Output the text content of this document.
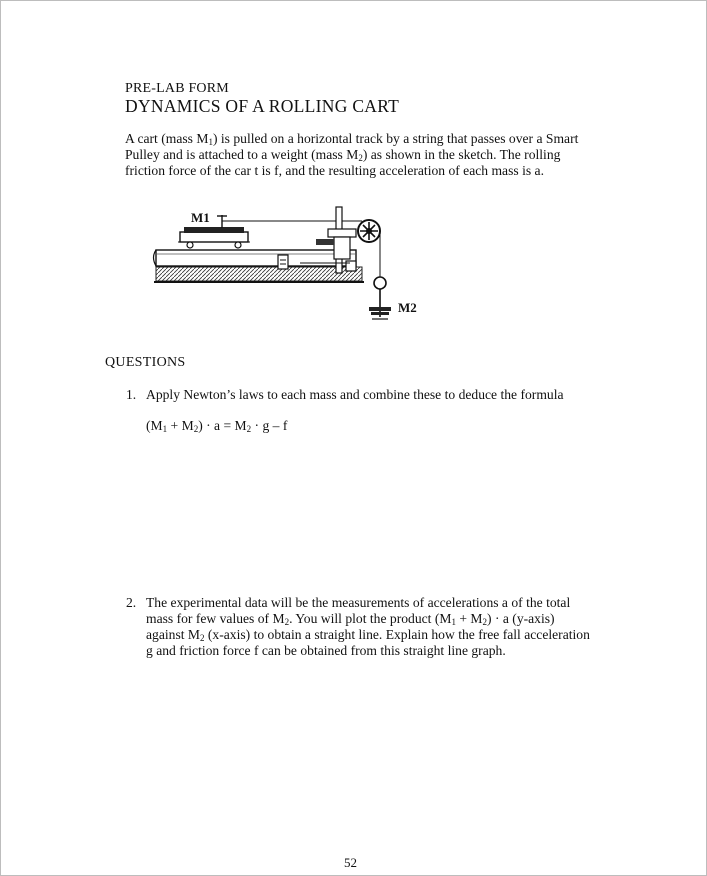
PRE-LAB FORM
DYNAMICS OF A ROLLING CART

A cart (mass $M_1$) is pulled on a horizontal track by a string that passes over a Smart

Pulley and is attached to a weight (mass $M_2$) as shown in the sketch. The rolling

friction force of the car t is f, and the resulting acceleration of each mass is a.

M1
M2
QUESTIONS
1. Apply Newton’s laws to each mass and combine these to deduce the formula
$(M_1 + M_2) \cdot a = M_2 \cdot g - f$
2. The experimental data will be the measurements of accelerations a of the total
mass for few values of $M_2$. You will plot the product $(M_1 + M_2) \cdot a$ (y-axis)
against $M_2$ (x-axis) to obtain a straight line. Explain how the free fall acceleration
g and friction force f can be obtained from this straight line graph.
52
